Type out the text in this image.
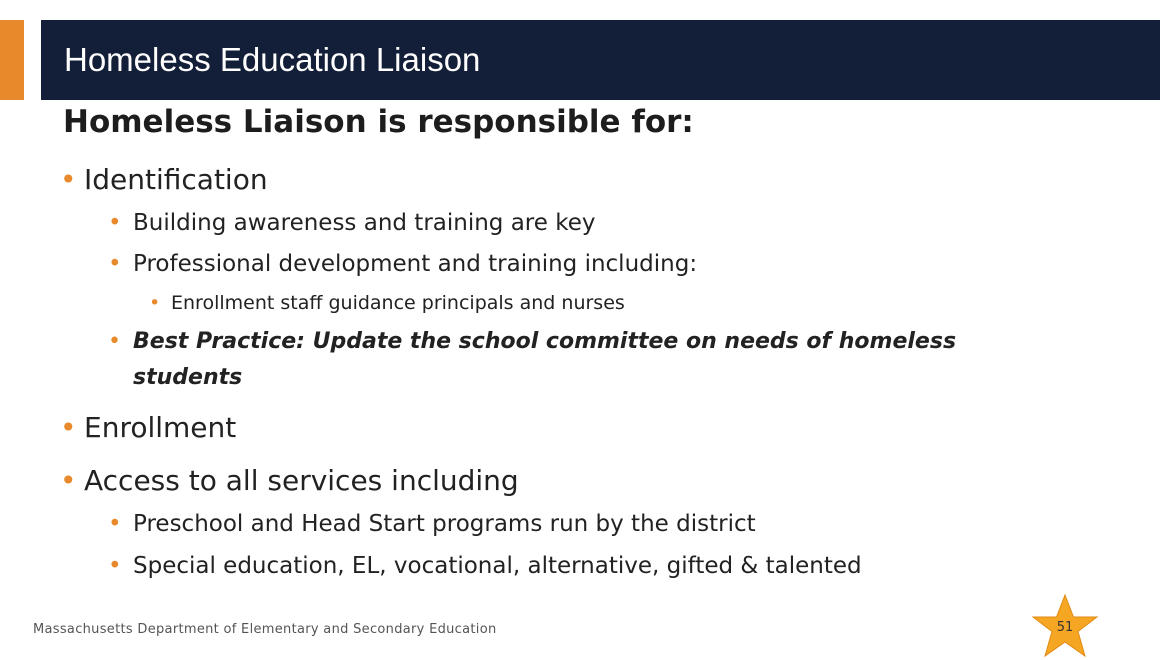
Homeless Education Liaison
Homeless Liaison is responsible for:

• Identification

• Building awareness and training are key

• Professional development and training including:

• Enrollment staff guidance principals and nurses

• Best Practice: Update the school committee on needs of homeless students

• Enrollment

• Access to all services including

• Preschool and Head Start programs run by the district

• Special education, EL, vocational, alternative, gifted & talented

Massachusetts Department of Elementary and Secondary Education	51
